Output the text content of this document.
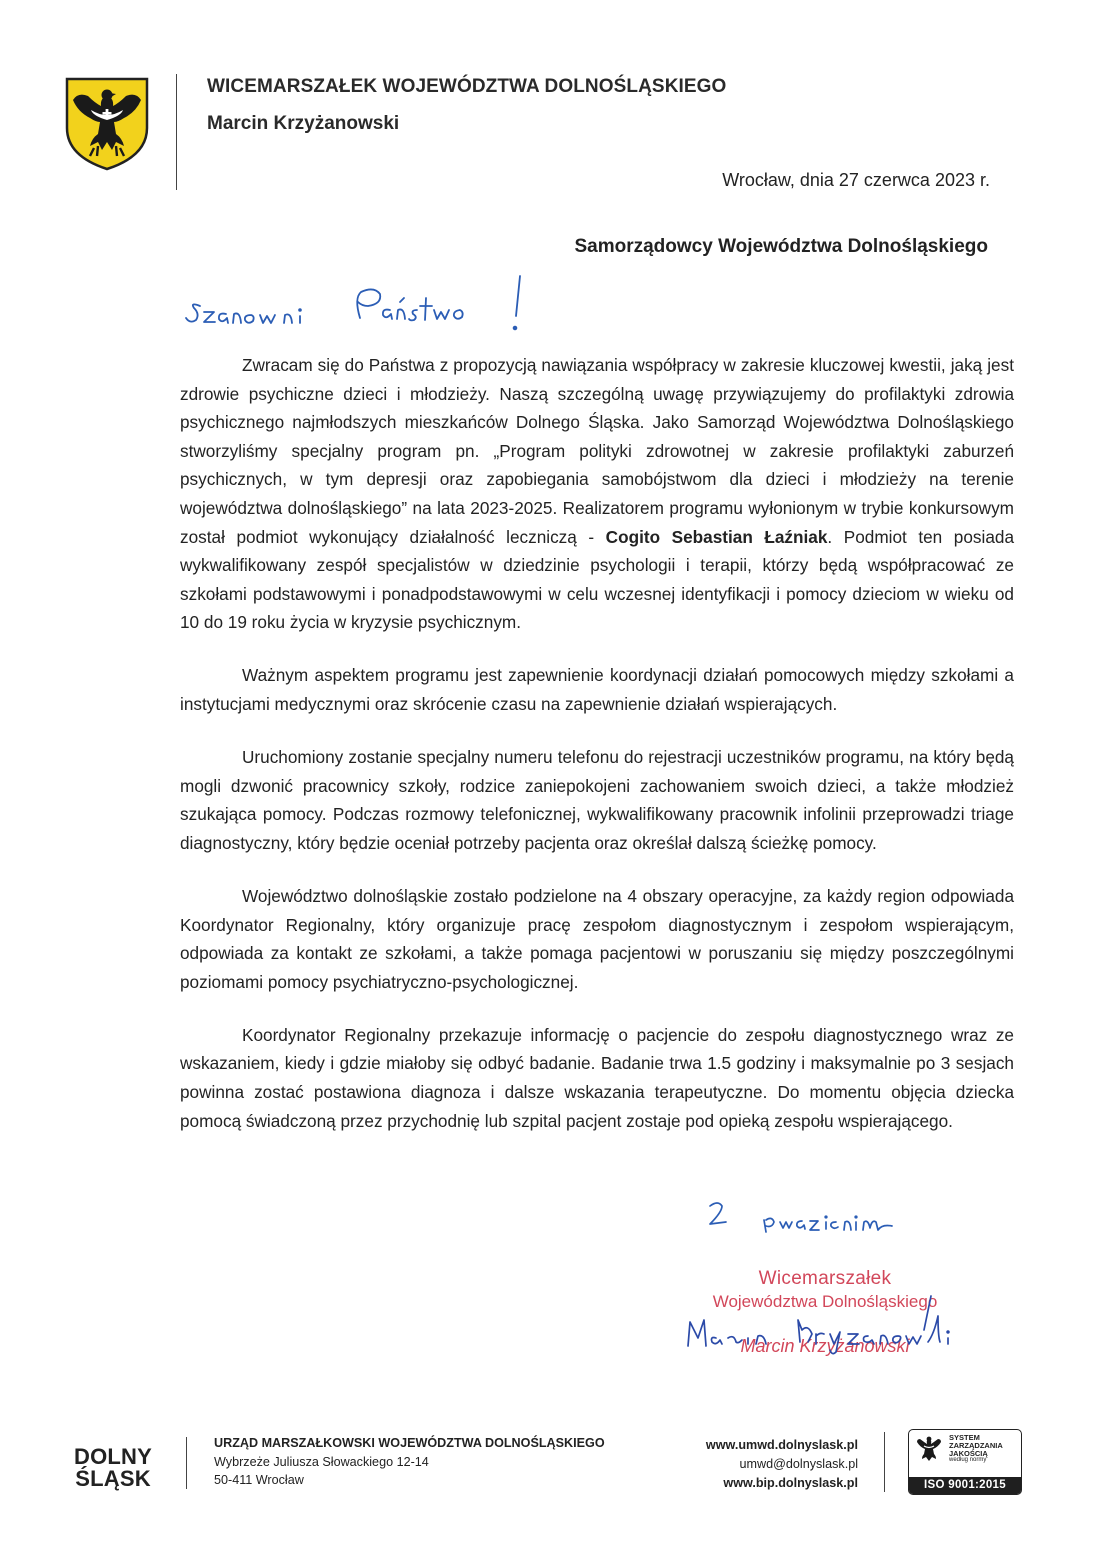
WICEMARSZAŁEK WOJEWÓDZTWA DOLNOŚLĄSKIEGO
Marcin Krzyżanowski
Wrocław, dnia 27 czerwca 2023 r.
Samorządowcy Województwa Dolnośląskiego

Zwracam się do Państwa z propozycją nawiązania współpracy w zakresie kluczowej kwestii, jaką jest zdrowie psychiczne dzieci i młodzieży. Naszą szczególną uwagę przywiązujemy do profilaktyki zdrowia psychicznego najmłodszych mieszkańców Dolnego Śląska. Jako Samorząd Województwa Dolnośląskiego stworzyliśmy specjalny program pn. „Program polityki zdrowotnej w zakresie profilaktyki zaburzeń psychicznych, w tym depresji oraz zapobiegania samobójstwom dla dzieci i młodzieży na terenie województwa dolnośląskiego” na lata 2023-2025. Realizatorem programu wyłonionym w trybie konkursowym został podmiot wykonujący działalność leczniczą - Cogito Sebastian Łaźniak. Podmiot ten posiada wykwalifikowany zespół specjalistów w dziedzinie psychologii i terapii, którzy będą współpracować ze szkołami podstawowymi i ponadpodstawowymi w celu wczesnej identyfikacji i pomocy dzieciom w wieku od 10 do 19 roku życia w kryzysie psychicznym.

Ważnym aspektem programu jest zapewnienie koordynacji działań pomocowych między szkołami a instytucjami medycznymi oraz skrócenie czasu na zapewnienie działań wspierających.

Uruchomiony zostanie specjalny numeru telefonu do rejestracji uczestników programu, na który będą mogli dzwonić pracownicy szkoły, rodzice zaniepokojeni zachowaniem swoich dzieci, a także młodzież szukająca pomocy. Podczas rozmowy telefonicznej, wykwalifikowany pracownik infolinii przeprowadzi triage diagnostyczny, który będzie oceniał potrzeby pacjenta oraz określał dalszą ścieżkę pomocy.

Województwo dolnośląskie zostało podzielone na 4 obszary operacyjne, za każdy region odpowiada Koordynator Regionalny, który organizuje pracę zespołom diagnostycznym i zespołom wspierającym, odpowiada za kontakt ze szkołami, a także pomaga pacjentowi w poruszaniu się między poszczególnymi poziomami pomocy psychiatryczno-psychologicznej.

Koordynator Regionalny przekazuje informację o pacjencie do zespołu diagnostycznego wraz ze wskazaniem, kiedy i gdzie miałoby się odbyć badanie. Badanie trwa 1.5 godziny i maksymalnie po 3 sesjach powinna zostać postawiona diagnoza i dalsze wskazania terapeutyczne. Do momentu objęcia dziecka pomocą świadczoną przez przychodnię lub szpital pacjent zostaje pod opieką zespołu wspierającego.

Wicemarszałek
Województwa Dolnośląskiego
Marcin Krzyżanowski
DOLNY
ŚLĄSK
URZĄD MARSZAŁKOWSKI WOJEWÓDZTWA DOLNOŚLĄSKIEGO
Wybrzeże Juliusza Słowackiego 12-14
50-411 Wrocław
www.umwd.dolnyslask.pl
umwd@dolnyslask.pl
www.bip.dolnyslask.pl
SYSTEM
ZARZĄDZANIA
JAKOŚCIĄ
według normy
ISO 9001:2015
